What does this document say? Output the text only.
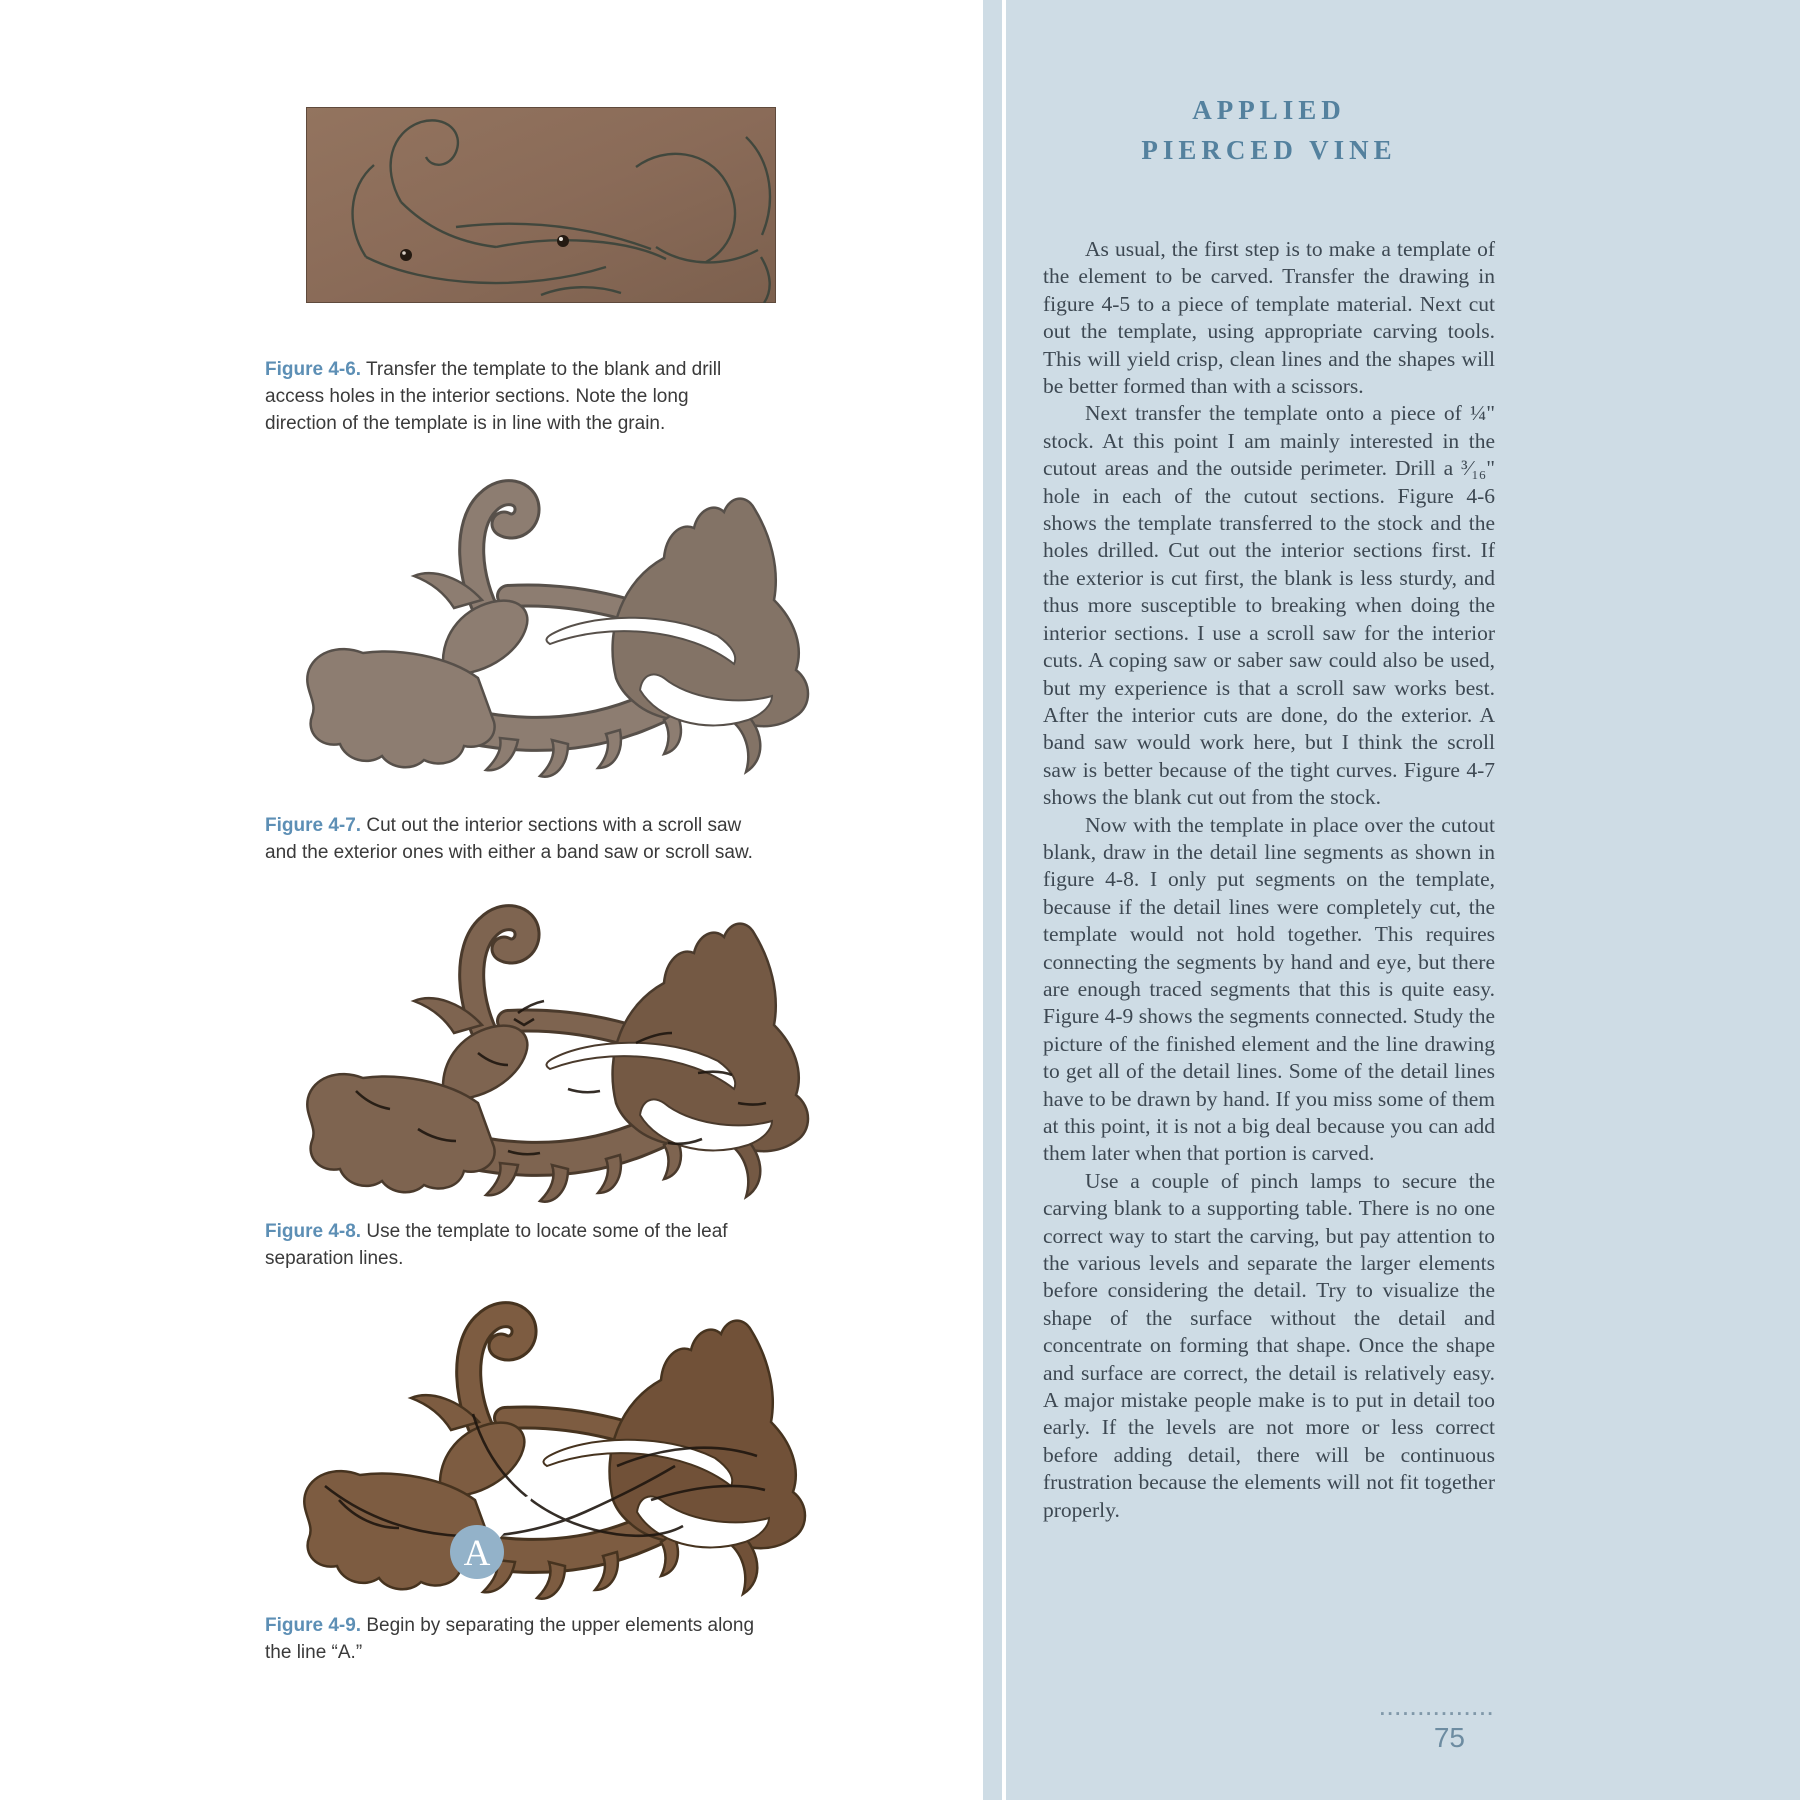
Figure 4-6. Transfer the template to the blank and drill access holes in the interior sections. Note the long direction of the template is in line with the grain.
Figure 4-7. Cut out the interior sections with a scroll saw and the exterior ones with either a band saw or scroll saw.
Figure 4-8. Use the template to locate some of the leaf separation lines.
A
Figure 4-9. Begin by separating the upper elements along the line “A.”
APPLIED
PIERCED VINE

As usual, the first step is to make a template of the element to be carved. Transfer the drawing in figure 4-5 to a piece of template material. Next cut out the template, using appropriate carving tools. This will yield crisp, clean lines and the shapes will be better formed than with a scissors.

Next transfer the template onto a piece of ¼" stock. At this point I am mainly interested in the cutout areas and the outside perimeter. Drill a ³⁄₁₆" hole in each of the cutout sections. Figure 4-6 shows the template transferred to the stock and the holes drilled. Cut out the interior sections first. If the exterior is cut first, the blank is less sturdy, and thus more susceptible to breaking when doing the interior sections. I use a scroll saw for the interior cuts. A coping saw or saber saw could also be used, but my experience is that a scroll saw works best. After the interior cuts are done, do the exterior. A band saw would work here, but I think the scroll saw is better because of the tight curves. Figure 4-7 shows the blank cut out from the stock.

Now with the template in place over the cutout blank, draw in the detail line segments as shown in figure 4-8. I only put segments on the template, because if the detail lines were completely cut, the template would not hold together. This requires connecting the segments by hand and eye, but there are enough traced segments that this is quite easy. Figure 4-9 shows the segments connected. Study the picture of the finished element and the line drawing to get all of the detail lines. Some of the detail lines have to be drawn by hand. If you miss some of them at this point, it is not a big deal because you can add them later when that portion is carved.

Use a couple of pinch lamps to secure the carving blank to a supporting table. There is no one correct way to start the carving, but pay attention to the various levels and separate the larger elements before considering the detail. Try to visualize the shape of the surface without the detail and concentrate on forming that shape. Once the shape and surface are correct, the detail is relatively easy. A major mistake people make is to put in detail too early. If the levels are not more or less correct before adding detail, there will be continuous frustration because the elements will not fit together properly.

···············
75
